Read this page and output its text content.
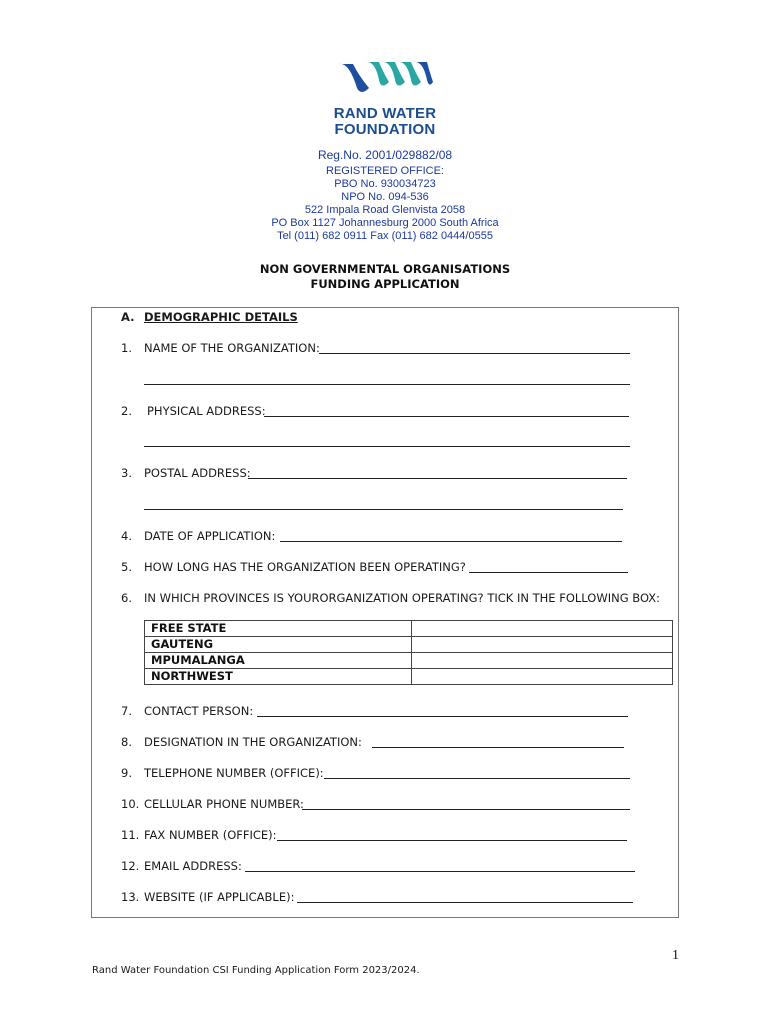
RAND WATER
FOUNDATION
Reg.No. 2001/029882/08
REGISTERED OFFICE:
PBO No. 930034723
NPO No. 094-536
522 Impala Road Glenvista 2058
PO Box 1127 Johannesburg 2000 South Africa
Tel (011) 682 0911 Fax (011) 682 0444/0555
NON GOVERNMENTAL ORGANISATIONS
FUNDING APPLICATION
A. DEMOGRAPHIC DETAILS
1. NAME OF THE ORGANIZATION:
2. PHYSICAL ADDRESS:
3. POSTAL ADDRESS:
4. DATE OF APPLICATION:
5. HOW LONG HAS THE ORGANIZATION BEEN OPERATING?
6. IN WHICH PROVINCES IS YOURORGANIZATION OPERATING? TICK IN THE FOLLOWING BOX:
FREE STATE	
GAUTENG	
MPUMALANGA	
NORTHWEST	
7. CONTACT PERSON:
8. DESIGNATION IN THE ORGANIZATION:
9. TELEPHONE NUMBER (OFFICE):
10. CELLULAR PHONE NUMBER:
11. FAX NUMBER (OFFICE):
12. EMAIL ADDRESS:
13. WEBSITE (IF APPLICABLE):
1
Rand Water Foundation CSI Funding Application Form 2023/2024.
